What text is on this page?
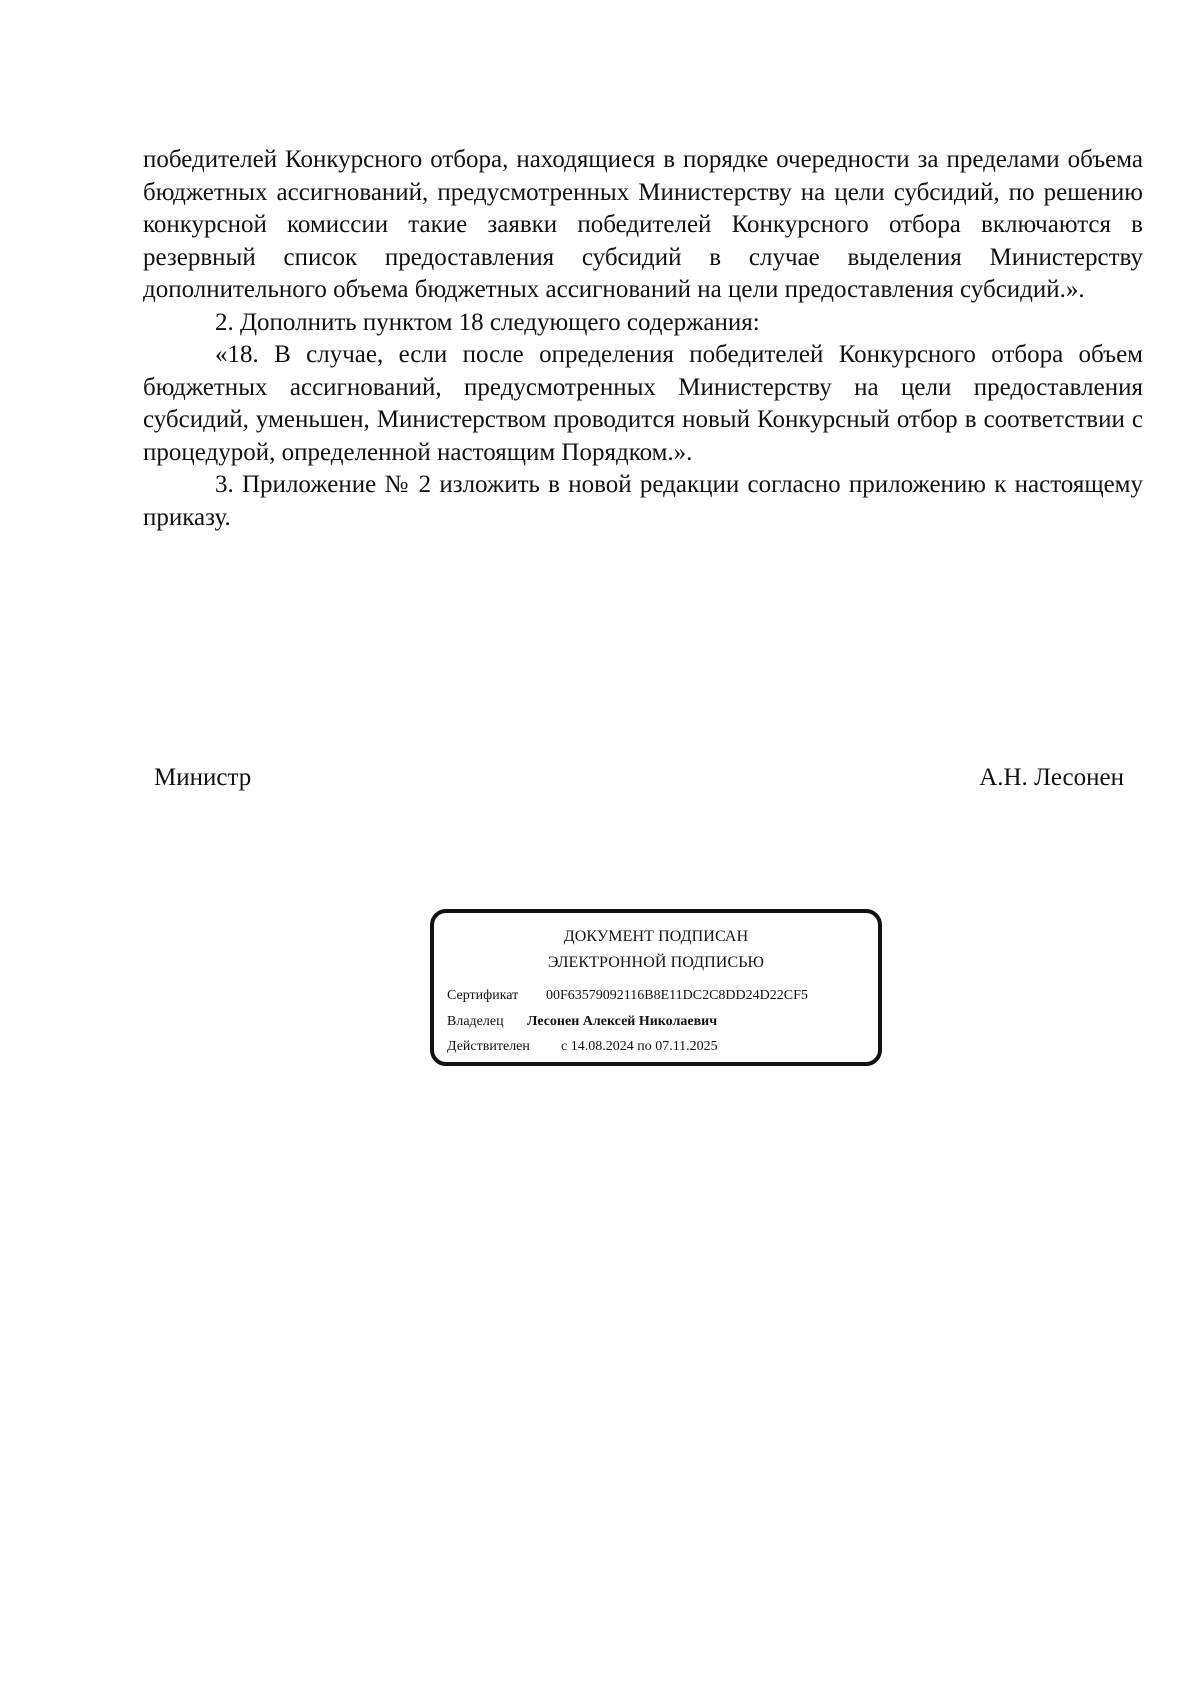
победителей Конкурсного отбора, находящиеся в порядке очередности за пределами объема бюджетных ассигнований, предусмотренных Министерству на цели субсидий, по решению конкурсной комиссии такие заявки победителей Конкурсного отбора включаются в резервный список предоставления субсидий в случае выделения Министерству дополнительного объема бюджетных ассигнований на цели предоставления субсидий.».

2. Дополнить пунктом 18 следующего содержания:

«18. В случае, если после определения победителей Конкурсного отбора объем бюджетных ассигнований, предусмотренных Министерству на цели предоставления субсидий, уменьшен, Министерством проводится новый Конкурсный отбор в соответствии с процедурой, определенной настоящим Порядком.».

3. Приложение № 2 изложить в новой редакции согласно приложению к настоящему приказу.

Министр	А.Н. Лесонен
ДОКУМЕНТ ПОДПИСАН
ЭЛЕКТРОННОЙ ПОДПИСЬЮ
Сертификат 00F63579092116B8E11DC2C8DD24D22CF5
Владелец Лесонен Алексей Николаевич
Действителен с 14.08.2024 по 07.11.2025
